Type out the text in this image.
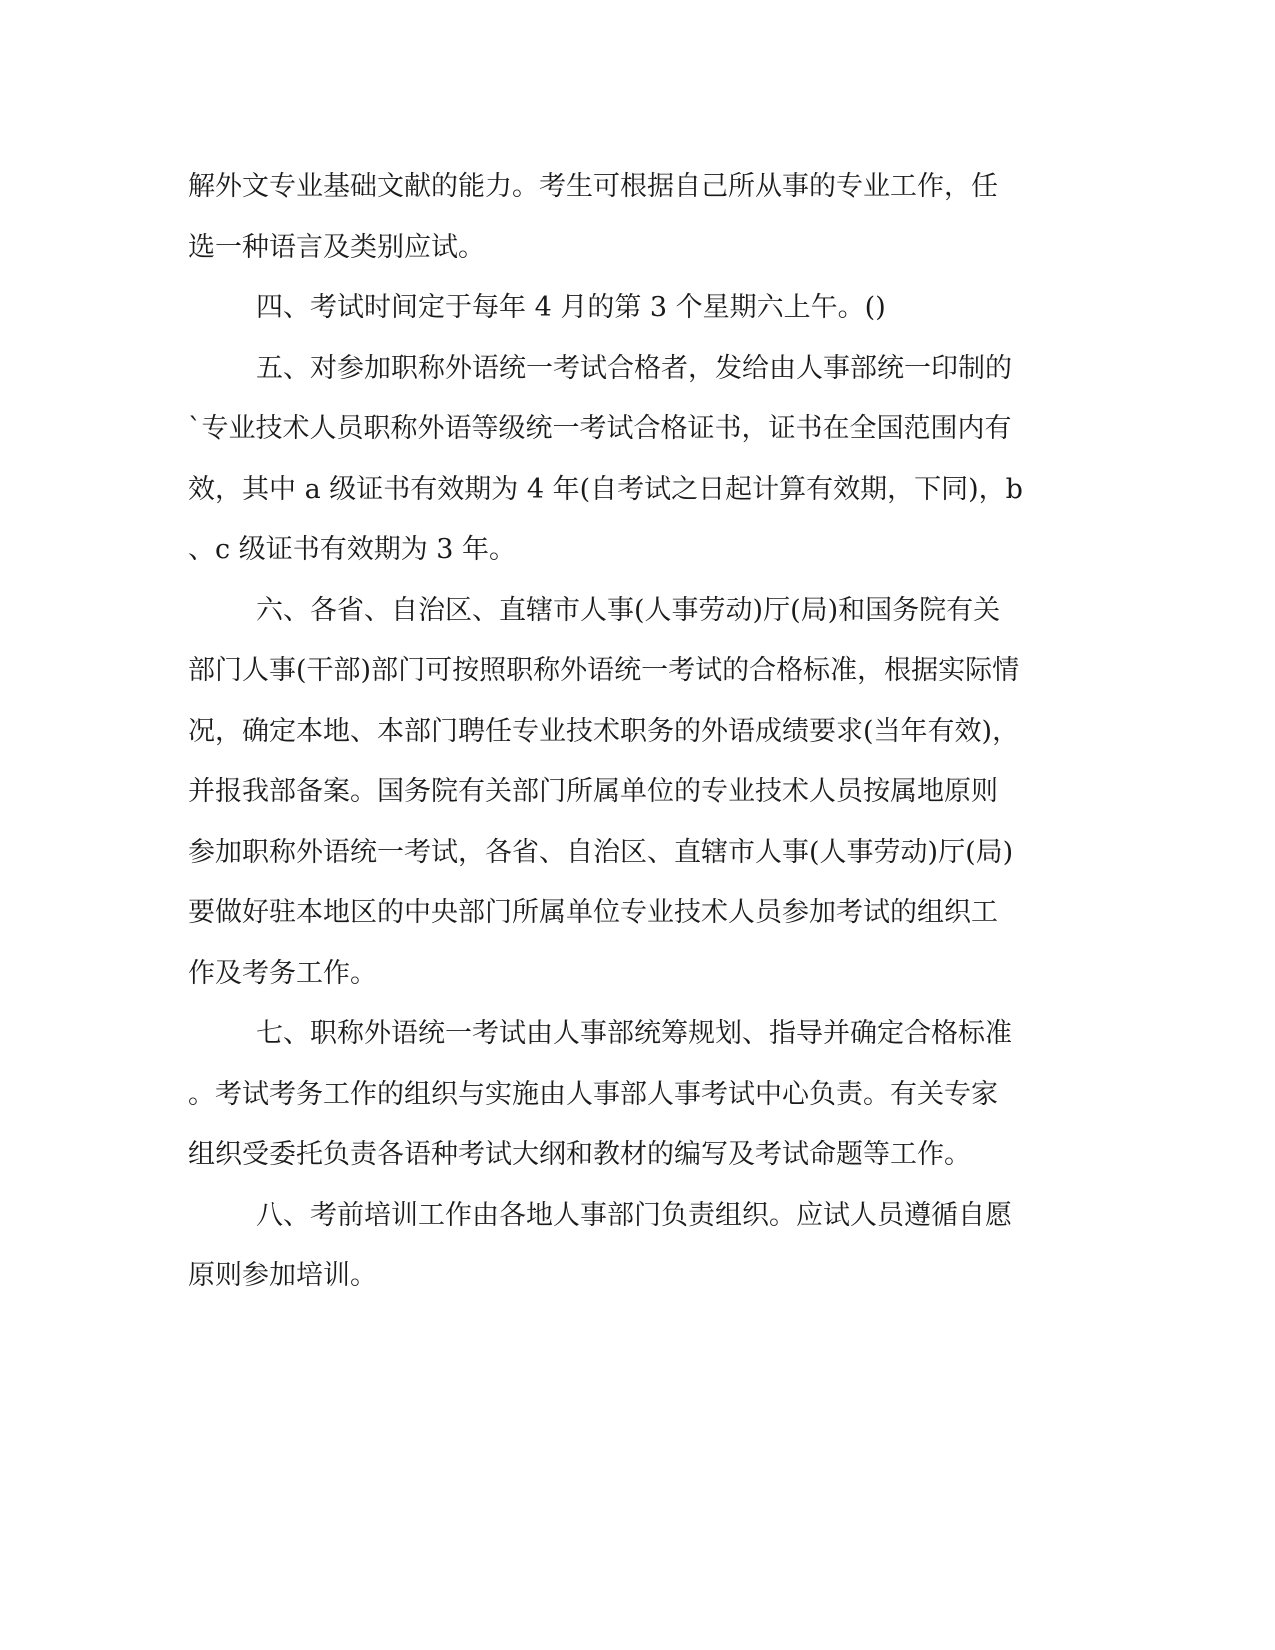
解外文专业基础文献的能力。考生可根据自己所从事的专业工作，任
选一种语言及类别应试。
四、考试时间定于每年 4 月的第 3 个星期六上午。()
五、对参加职称外语统一考试合格者，发给由人事部统一印制的
`专业技术人员职称外语等级统一考试合格证书，证书在全国范围内有
效，其中 a 级证书有效期为 4 年(自考试之日起计算有效期，下同)，b
、c 级证书有效期为 3 年。
六、各省、自治区、直辖市人事(人事劳动)厅(局)和国务院有关
部门人事(干部)部门可按照职称外语统一考试的合格标准，根据实际情
况，确定本地、本部门聘任专业技术职务的外语成绩要求(当年有效)，
并报我部备案。国务院有关部门所属单位的专业技术人员按属地原则
参加职称外语统一考试，各省、自治区、直辖市人事(人事劳动)厅(局)
要做好驻本地区的中央部门所属单位专业技术人员参加考试的组织工
作及考务工作。
七、职称外语统一考试由人事部统筹规划、指导并确定合格标准
。考试考务工作的组织与实施由人事部人事考试中心负责。有关专家
组织受委托负责各语种考试大纲和教材的编写及考试命题等工作。
八、考前培训工作由各地人事部门负责组织。应试人员遵循自愿
原则参加培训。
